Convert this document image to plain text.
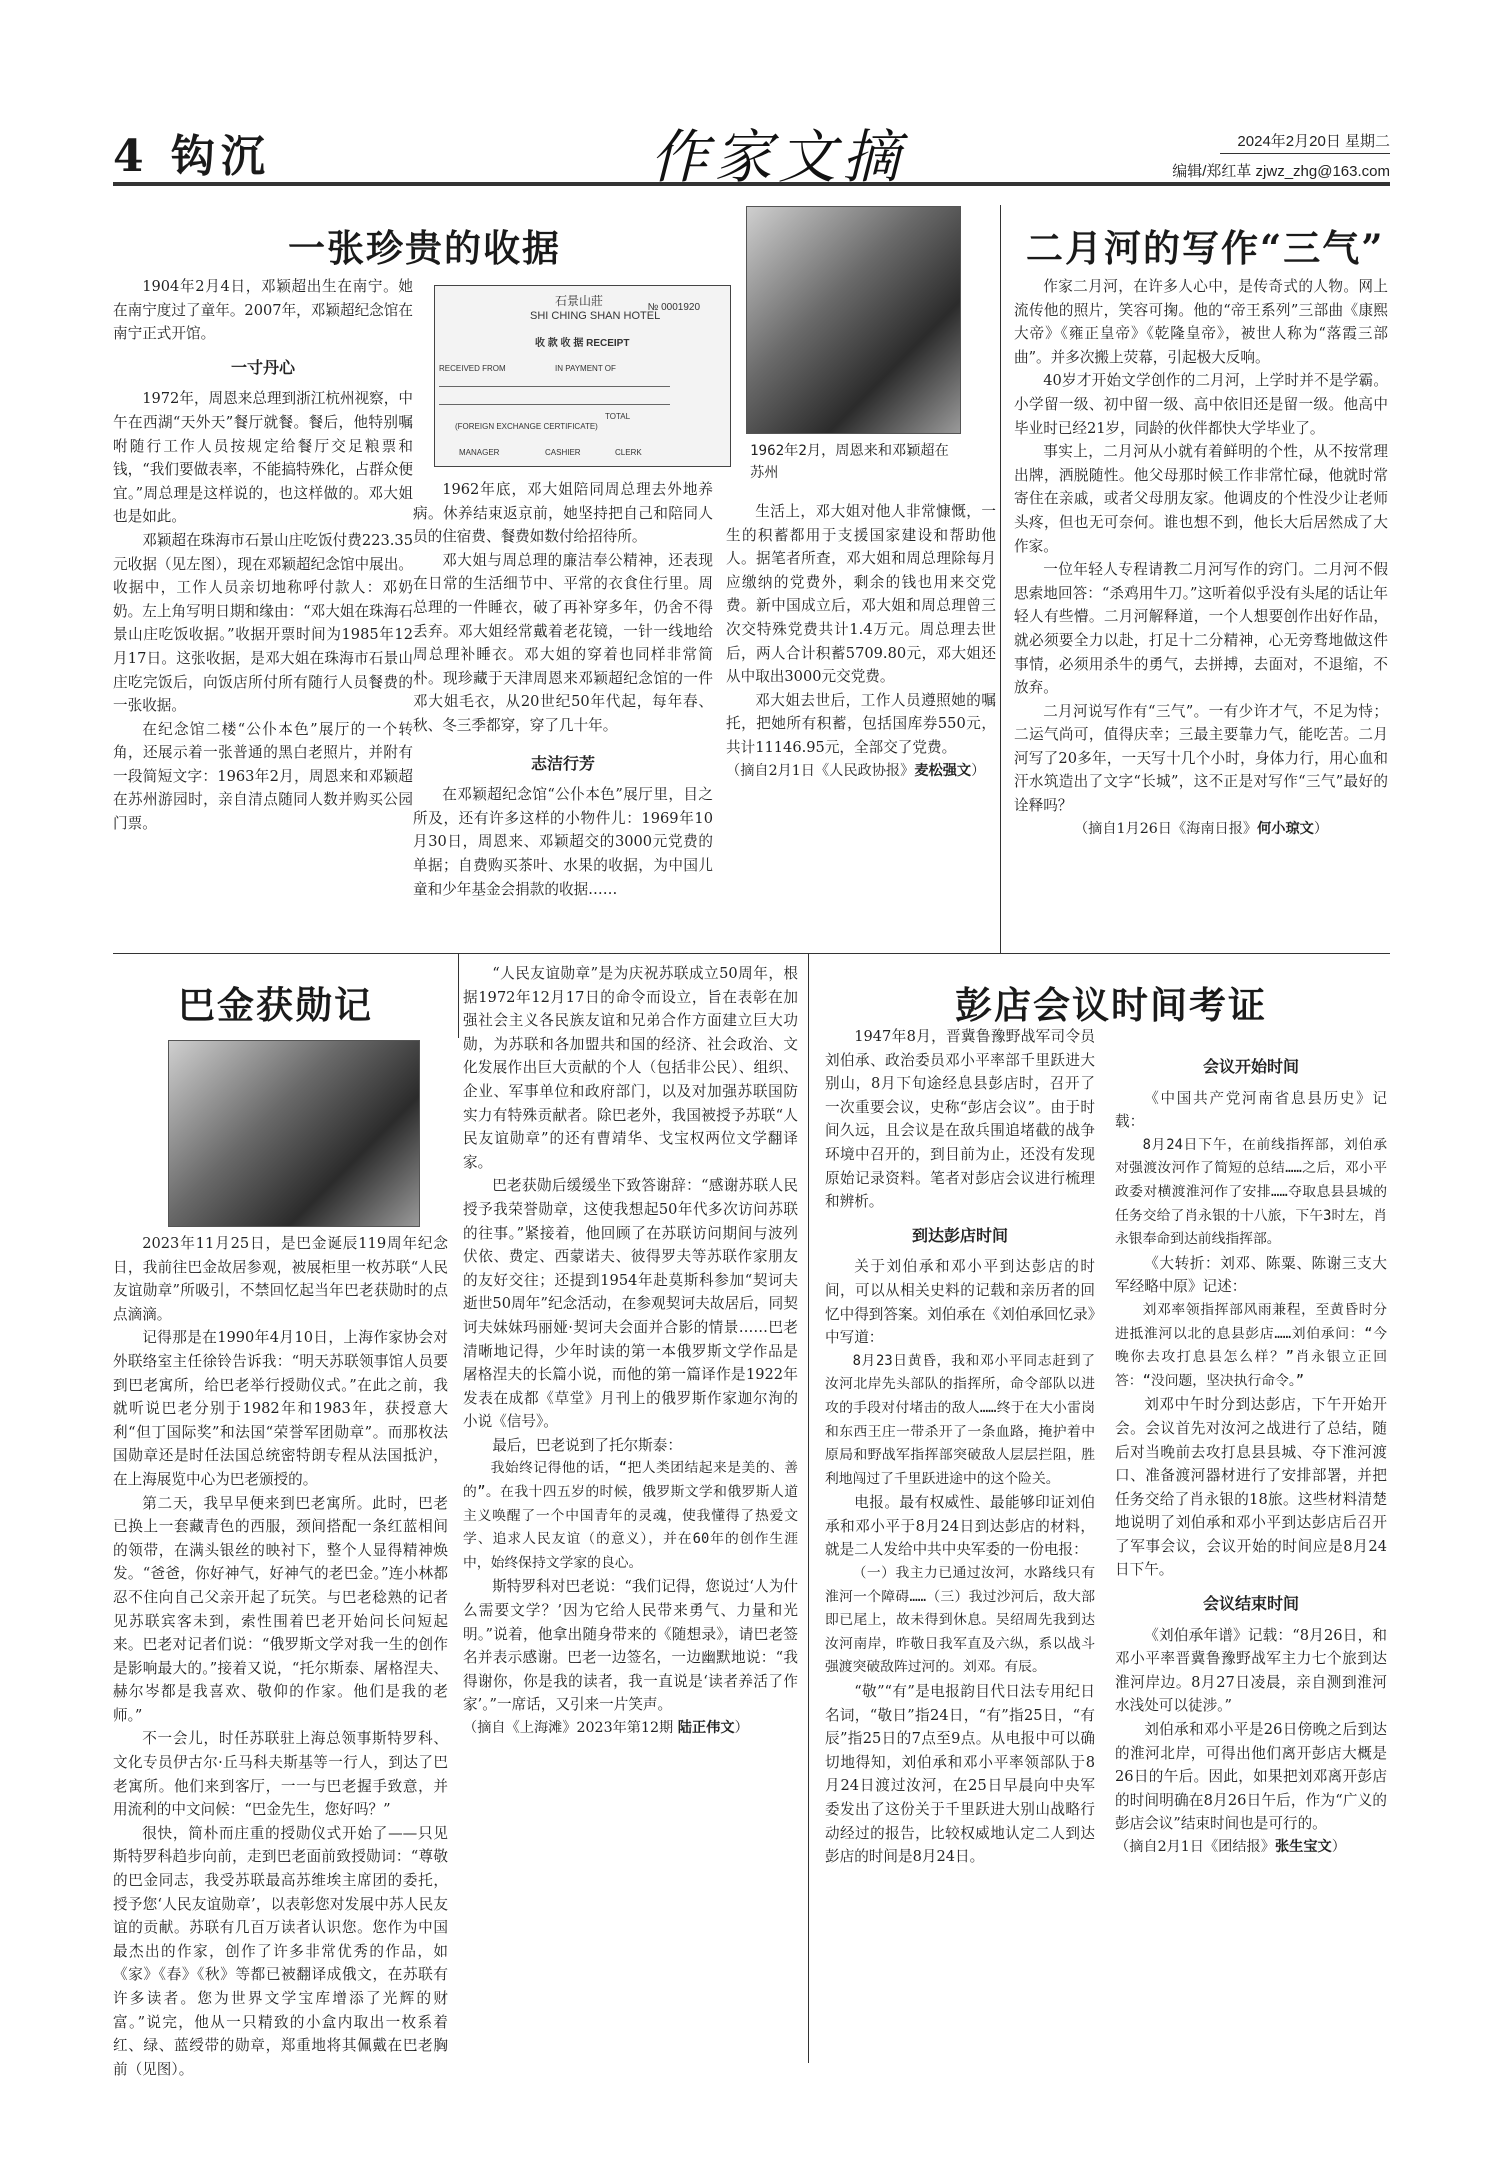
4 钩沉	作家文摘	2024年2月20日 星期二
编辑/郑红革 zjwz_zhg@163.com
一张珍贵的收据
1962年2月，周恩来和邓颖超在苏州
石景山莊
SHI CHING SHAN HOTEL
收 款 收 据 RECEIPT
№ 0001920
RECEIVED FROM	IN PAYMENT OF
TOTAL
(FOREIGN EXCHANGE CERTIFICATE)
MANAGER	CASHIER	CLERK

1904年2月4日，邓颖超出生在南宁。她在南宁度过了童年。2007年，邓颖超纪念馆在南宁正式开馆。

一寸丹心

1972年，周恩来总理到浙江杭州视察，中午在西湖“天外天”餐厅就餐。餐后，他特别嘱咐随行工作人员按规定给餐厅交足粮票和钱，“我们要做表率，不能搞特殊化，占群众便宜。”周总理是这样说的，也这样做的。邓大姐也是如此。

邓颖超在珠海市石景山庄吃饭付费223.35元收据（见左图），现在邓颖超纪念馆中展出。收据中，工作人员亲切地称呼付款人：邓奶奶。左上角写明日期和缘由：“邓大姐在珠海石景山庄吃饭收据。”收据开票时间为1985年12月17日。这张收据，是邓大姐在珠海市石景山庄吃完饭后，向饭店所付所有随行人员餐费的一张收据。

在纪念馆二楼“公仆本色”展厅的一个转角，还展示着一张普通的黑白老照片，并附有一段简短文字：1963年2月，周恩来和邓颖超在苏州游园时，亲自清点随同人数并购买公园门票。

1962年底，邓大姐陪同周总理去外地养病。休养结束返京前，她坚持把自己和陪同人员的住宿费、餐费如数付给招待所。

邓大姐与周总理的廉洁奉公精神，还表现在日常的生活细节中、平常的衣食住行里。周总理的一件睡衣，破了再补穿多年，仍舍不得丢弃。邓大姐经常戴着老花镜，一针一线地给周总理补睡衣。邓大姐的穿着也同样非常简朴。现珍藏于天津周恩来邓颖超纪念馆的一件邓大姐毛衣，从20世纪50年代起，每年春、秋、冬三季都穿，穿了几十年。

志洁行芳

在邓颖超纪念馆“公仆本色”展厅里，目之所及，还有许多这样的小物件儿：1969年10月30日，周恩来、邓颖超交的3000元党费的单据；自费购买茶叶、水果的收据，为中国儿童和少年基金会捐款的收据……

生活上，邓大姐对他人非常慷慨，一生的积蓄都用于支援国家建设和帮助他人。据笔者所查，邓大姐和周总理除每月应缴纳的党费外，剩余的钱也用来交党费。新中国成立后，邓大姐和周总理曾三次交特殊党费共计1.4万元。周总理去世后，两人合计积蓄5709.80元，邓大姐还从中取出3000元交党费。

邓大姐去世后，工作人员遵照她的嘱托，把她所有积蓄，包括国库券550元，共计11146.95元，全部交了党费。

（摘自2月1日《人民政协报》麦松强文）

二月河的写作“三气”

作家二月河，在许多人心中，是传奇式的人物。网上流传他的照片，笑容可掬。他的“帝王系列”三部曲《康熙大帝》《雍正皇帝》《乾隆皇帝》，被世人称为“落霞三部曲”。并多次搬上荧幕，引起极大反响。

40岁才开始文学创作的二月河，上学时并不是学霸。小学留一级、初中留一级、高中依旧还是留一级。他高中毕业时已经21岁，同龄的伙伴都快大学毕业了。

事实上，二月河从小就有着鲜明的个性，从不按常理出牌，洒脱随性。他父母那时候工作非常忙碌，他就时常寄住在亲戚，或者父母朋友家。他调皮的个性没少让老师头疼，但也无可奈何。谁也想不到，他长大后居然成了大作家。

一位年轻人专程请教二月河写作的窍门。二月河不假思索地回答：“杀鸡用牛刀。”这听着似乎没有头尾的话让年轻人有些懵。二月河解释道，一个人想要创作出好作品，就必须要全力以赴，打足十二分精神，心无旁骛地做这件事情，必须用杀牛的勇气，去拼搏，去面对，不退缩，不放弃。

二月河说写作有“三气”。一有少许才气，不足为恃；二运气尚可，值得庆幸；三最主要靠力气，能吃苦。二月河写了20多年，一天写十几个小时，身体力行，用心血和汗水筑造出了文字“长城”，这不正是对写作“三气”最好的诠释吗？

（摘自1月26日《海南日报》何小琼文）

巴金获勋记

2023年11月25日，是巴金诞辰119周年纪念日，我前往巴金故居参观，被展柜里一枚苏联“人民友谊勋章”所吸引，不禁回忆起当年巴老获勋时的点点滴滴。

记得那是在1990年4月10日，上海作家协会对外联络室主任徐铃告诉我：“明天苏联领事馆人员要到巴老寓所，给巴老举行授勋仪式。”在此之前，我就听说巴老分别于1982年和1983年，获授意大利“但丁国际奖”和法国“荣誉军团勋章”。而那枚法国勋章还是时任法国总统密特朗专程从法国抵沪，在上海展览中心为巴老颁授的。

第二天，我早早便来到巴老寓所。此时，巴老已换上一套藏青色的西服，颈间搭配一条红蓝相间的领带，在满头银丝的映衬下，整个人显得精神焕发。“爸爸，你好神气，好神气的老巴金。”连小林都忍不住向自己父亲开起了玩笑。与巴老稔熟的记者见苏联宾客未到，索性围着巴老开始问长问短起来。巴老对记者们说：“俄罗斯文学对我一生的创作是影响最大的。”接着又说，“托尔斯泰、屠格涅夫、赫尔岑都是我喜欢、敬仰的作家。他们是我的老师。”

不一会儿，时任苏联驻上海总领事斯特罗科、文化专员伊古尔·丘马科夫斯基等一行人，到达了巴老寓所。他们来到客厅，一一与巴老握手致意，并用流利的中文问候：“巴金先生，您好吗？”

很快，简朴而庄重的授勋仪式开始了——只见斯特罗科趋步向前，走到巴老面前致授勋词：“尊敬的巴金同志，我受苏联最高苏维埃主席团的委托，授予您‘人民友谊勋章’，以表彰您对发展中苏人民友谊的贡献。苏联有几百万读者认识您。您作为中国最杰出的作家，创作了许多非常优秀的作品，如《家》《春》《秋》等都已被翻译成俄文，在苏联有许多读者。您为世界文学宝库增添了光辉的财富。”说完，他从一只精致的小盒内取出一枚系着红、绿、蓝绶带的勋章，郑重地将其佩戴在巴老胸前（见图）。

“人民友谊勋章”是为庆祝苏联成立50周年，根据1972年12月17日的命令而设立，旨在表彰在加强社会主义各民族友谊和兄弟合作方面建立巨大功勋，为苏联和各加盟共和国的经济、社会政治、文化发展作出巨大贡献的个人（包括非公民）、组织、企业、军事单位和政府部门，以及对加强苏联国防实力有特殊贡献者。除巴老外，我国被授予苏联“人民友谊勋章”的还有曹靖华、戈宝权两位文学翻译家。

巴老获勋后缓缓坐下致答谢辞：“感谢苏联人民授予我荣誉勋章，这使我想起50年代多次访问苏联的往事。”紧接着，他回顾了在苏联访问期间与波列伏依、费定、西蒙诺夫、彼得罗夫等苏联作家朋友的友好交往；还提到1954年赴莫斯科参加“契诃夫逝世50周年”纪念活动，在参观契诃夫故居后，同契诃夫妹妹玛丽娅·契诃夫会面并合影的情景……巴老清晰地记得，少年时读的第一本俄罗斯文学作品是屠格涅夫的长篇小说，而他的第一篇译作是1922年发表在成都《草堂》月刊上的俄罗斯作家迦尔洵的小说《信号》。

最后，巴老说到了托尔斯泰：

我始终记得他的话，“把人类团结起来是美的、善的”。在我十四五岁的时候，俄罗斯文学和俄罗斯人道主义唤醒了一个中国青年的灵魂，使我懂得了热爱文学、追求人民友谊（的意义），并在60年的创作生涯中，始终保持文学家的良心。

斯特罗科对巴老说：“我们记得，您说过‘人为什么需要文学？’因为它给人民带来勇气、力量和光明。”说着，他拿出随身带来的《随想录》，请巴老签名并表示感谢。巴老一边签名，一边幽默地说：“我得谢你，你是我的读者，我一直说是‘读者养活了作家’。”一席话，又引来一片笑声。

（摘自《上海滩》2023年第12期 陆正伟文）

彭店会议时间考证

1947年8月，晋冀鲁豫野战军司令员刘伯承、政治委员邓小平率部千里跃进大别山，8月下旬途经息县彭店时，召开了一次重要会议，史称“彭店会议”。由于时间久远，且会议是在敌兵围追堵截的战争环境中召开的，到目前为止，还没有发现原始记录资料。笔者对彭店会议进行梳理和辨析。

到达彭店时间

关于刘伯承和邓小平到达彭店的时间，可以从相关史料的记载和亲历者的回忆中得到答案。刘伯承在《刘伯承回忆录》中写道：

8月23日黄昏，我和邓小平同志赶到了汝河北岸先头部队的指挥所，命令部队以进攻的手段对付堵击的敌人……终于在大小雷岗和东西王庄一带杀开了一条血路，掩护着中原局和野战军指挥部突破敌人层层拦阻，胜利地闯过了千里跃进途中的这个险关。

电报。最有权威性、最能够印证刘伯承和邓小平于8月24日到达彭店的材料，就是二人发给中共中央军委的一份电报：

（一）我主力已通过汝河，水路线只有淮河一个障碍……（三）我过沙河后，敌大部即已尾上，故未得到休息。吴绍周先我到达汝河南岸，昨敬日我军直及六纵，系以战斗强渡突破敌阵过河的。刘邓。有辰。

“敬”“有”是电报韵目代日法专用纪日名词，“敬日”指24日，“有”指25日，“有辰”指25日的7点至9点。从电报中可以确切地得知，刘伯承和邓小平率领部队于8月24日渡过汝河，在25日早晨向中央军委发出了这份关于千里跃进大别山战略行动经过的报告，比较权威地认定二人到达彭店的时间是8月24日。

会议开始时间

《中国共产党河南省息县历史》记载：

8月24日下午，在前线指挥部，刘伯承对强渡汝河作了简短的总结……之后，邓小平政委对横渡淮河作了安排……夺取息县县城的任务交给了肖永银的十八旅，下午3时左，肖永银奉命到达前线指挥部。

《大转折：刘邓、陈粟、陈谢三支大军经略中原》记述：

刘邓率领指挥部风雨兼程，至黄昏时分进抵淮河以北的息县彭店……刘伯承问：“今晚你去攻打息县怎么样？”肖永银立正回答：“没问题，坚决执行命令。”

刘邓中午时分到达彭店，下午开始开会。会议首先对汝河之战进行了总结，随后对当晚前去攻打息县县城、夺下淮河渡口、准备渡河器材进行了安排部署，并把任务交给了肖永银的18旅。这些材料清楚地说明了刘伯承和邓小平到达彭店后召开了军事会议，会议开始的时间应是8月24日下午。

会议结束时间

《刘伯承年谱》记载：“8月26日，和邓小平率晋冀鲁豫野战军主力七个旅到达淮河岸边。8月27日凌晨，亲自测到淮河水浅处可以徒涉。”

刘伯承和邓小平是26日傍晚之后到达的淮河北岸，可得出他们离开彭店大概是26日的午后。因此，如果把刘邓离开彭店的时间明确在8月26日午后，作为“广义的彭店会议”结束时间也是可行的。

（摘自2月1日《团结报》张生宝文）
